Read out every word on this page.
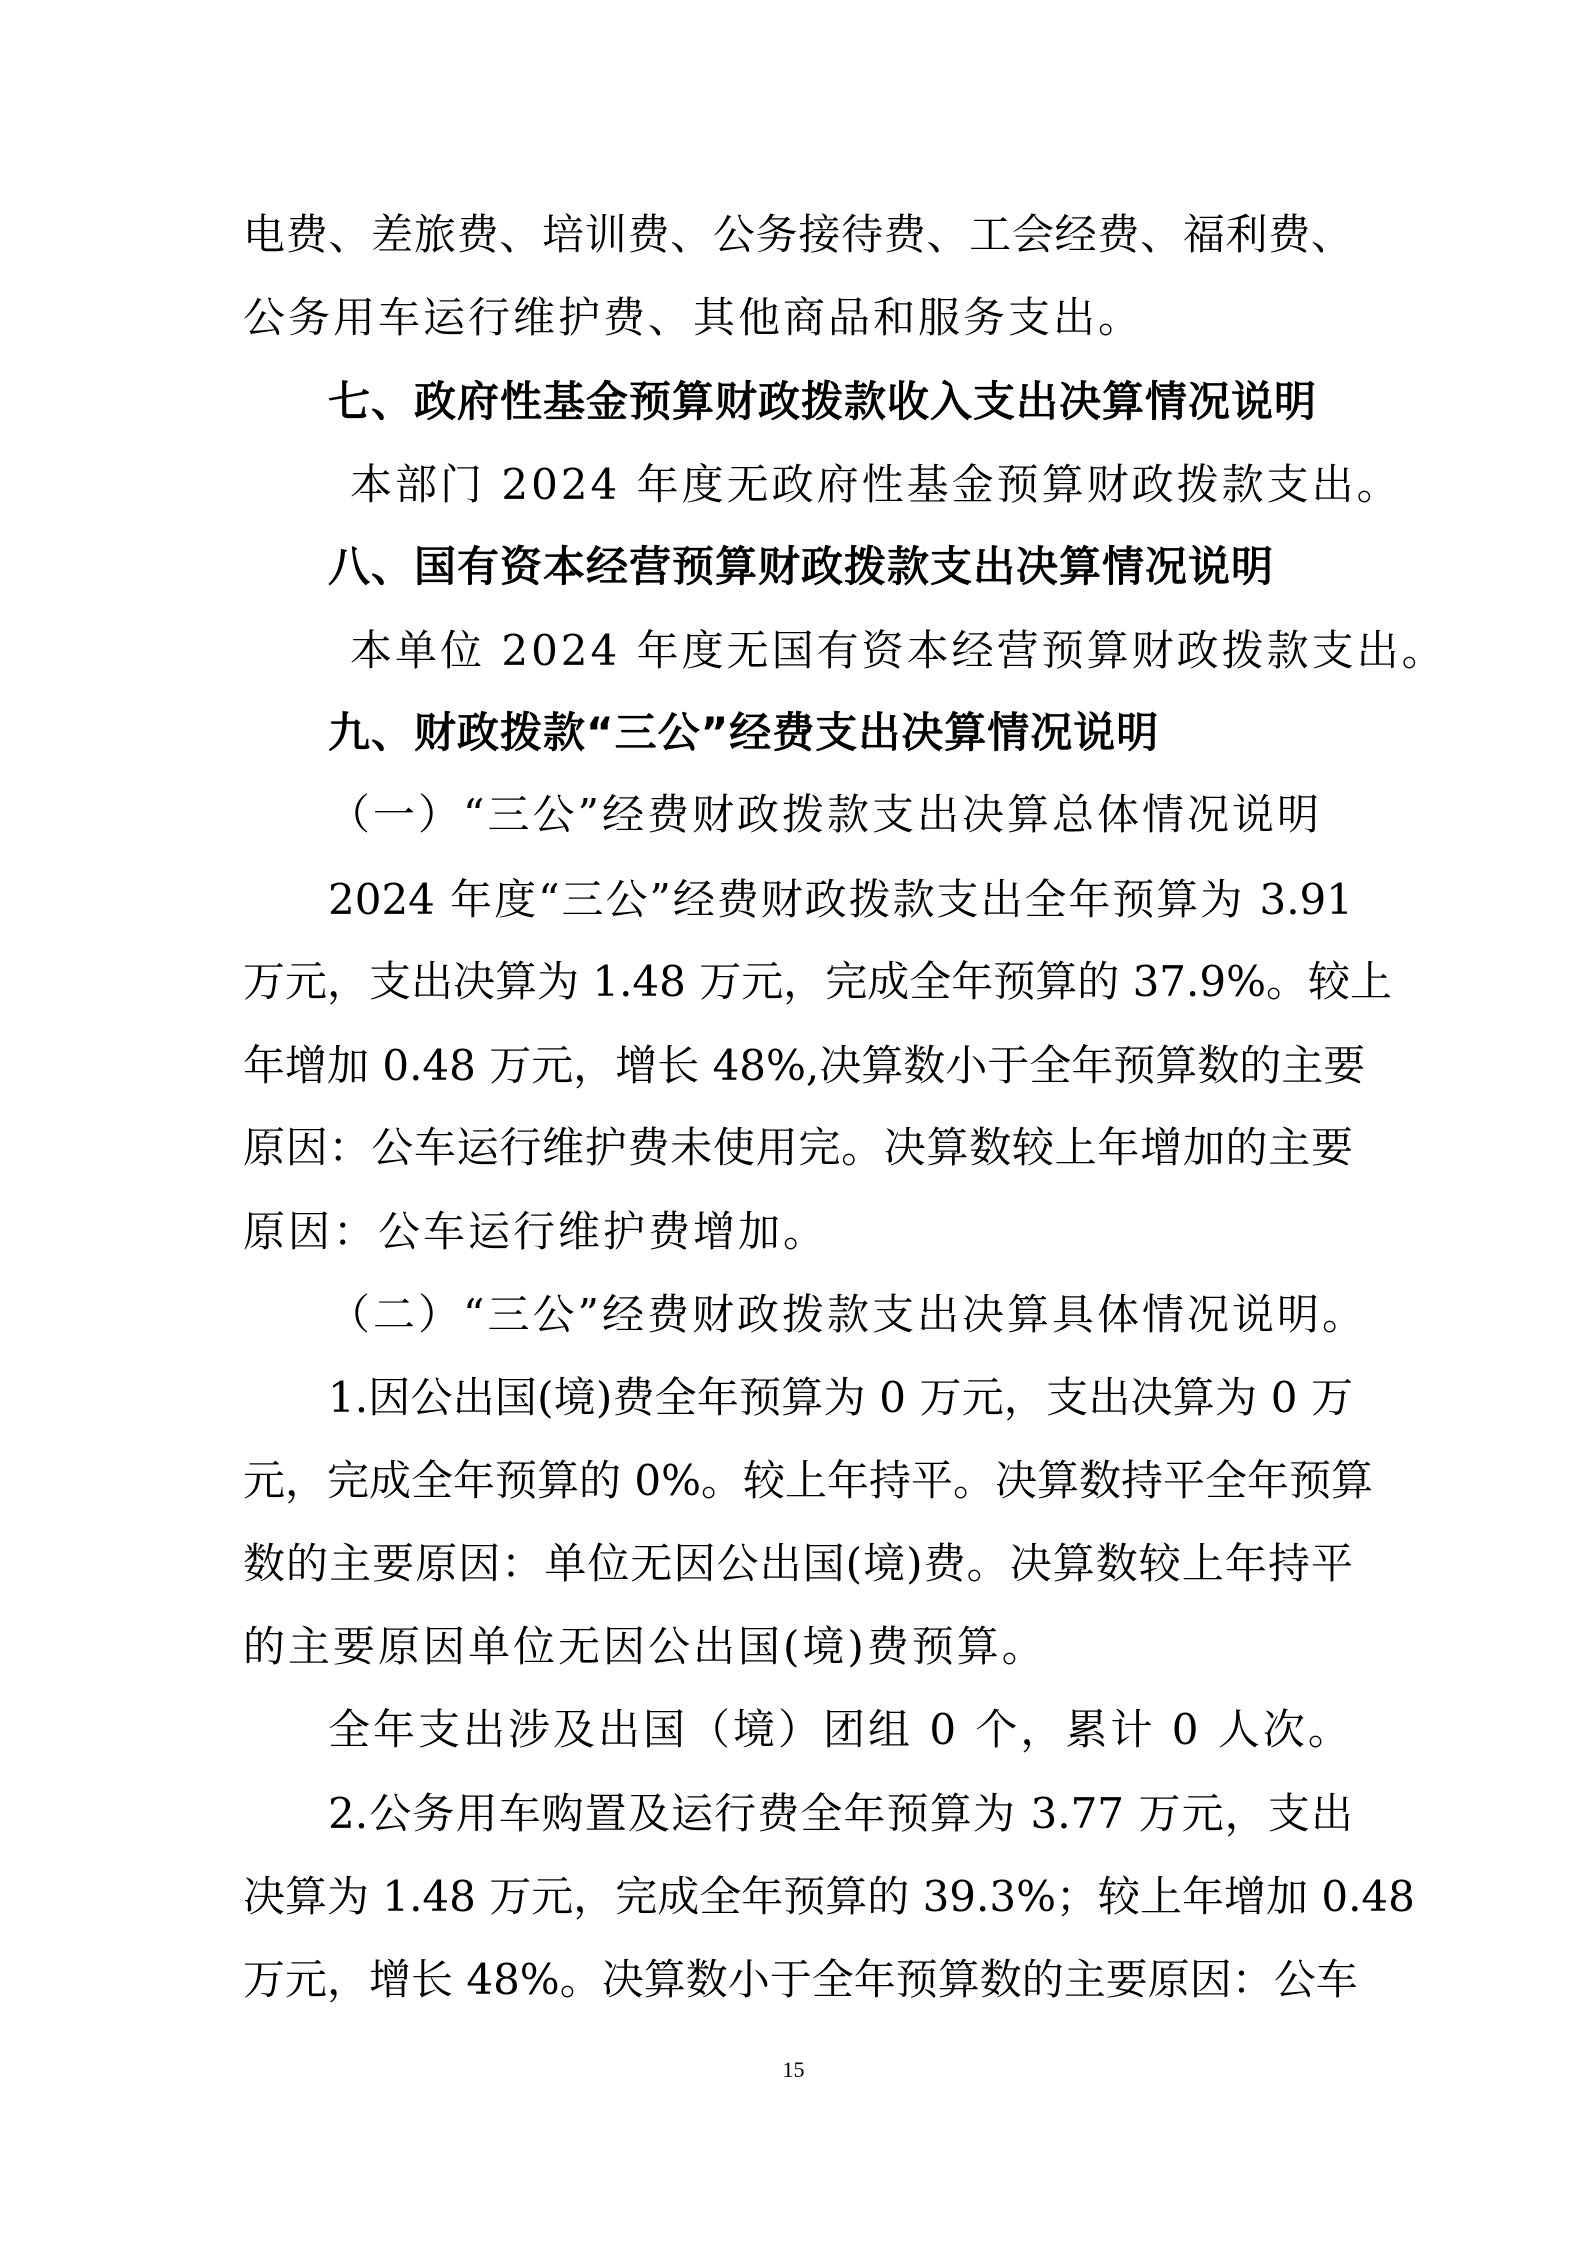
电费、差旅费、培训费、公务接待费、工会经费、福利费、
公务用车运行维护费、其他商品和服务支出。
七、政府性基金预算财政拨款收入支出决算情况说明
本部门 2024 年度无政府性基金预算财政拨款支出。
八、国有资本经营预算财政拨款支出决算情况说明
本单位 2024 年度无国有资本经营预算财政拨款支出。
九、财政拨款“三公”经费支出决算情况说明
（一）“三公”经费财政拨款支出决算总体情况说明
2024 年度“三公”经费财政拨款支出全年预算为 3.91
万元，支出决算为 1.48 万元，完成全年预算的 37.9%。较上
年增加 0.48 万元，增长 48%,决算数小于全年预算数的主要
原因：公车运行维护费未使用完。决算数较上年增加的主要
原因：公车运行维护费增加。
（二）“三公”经费财政拨款支出决算具体情况说明。
1.因公出国(境)费全年预算为 0 万元，支出决算为 0 万
元，完成全年预算的 0%。较上年持平。决算数持平全年预算
数的主要原因：单位无因公出国(境)费。决算数较上年持平
的主要原因单位无因公出国(境)费预算。
全年支出涉及出国（境）团组 0 个，累计 0 人次。
2.公务用车购置及运行费全年预算为 3.77 万元，支出
决算为 1.48 万元，完成全年预算的 39.3%；较上年增加 0.48
万元，增长 48%。决算数小于全年预算数的主要原因：公车
15
